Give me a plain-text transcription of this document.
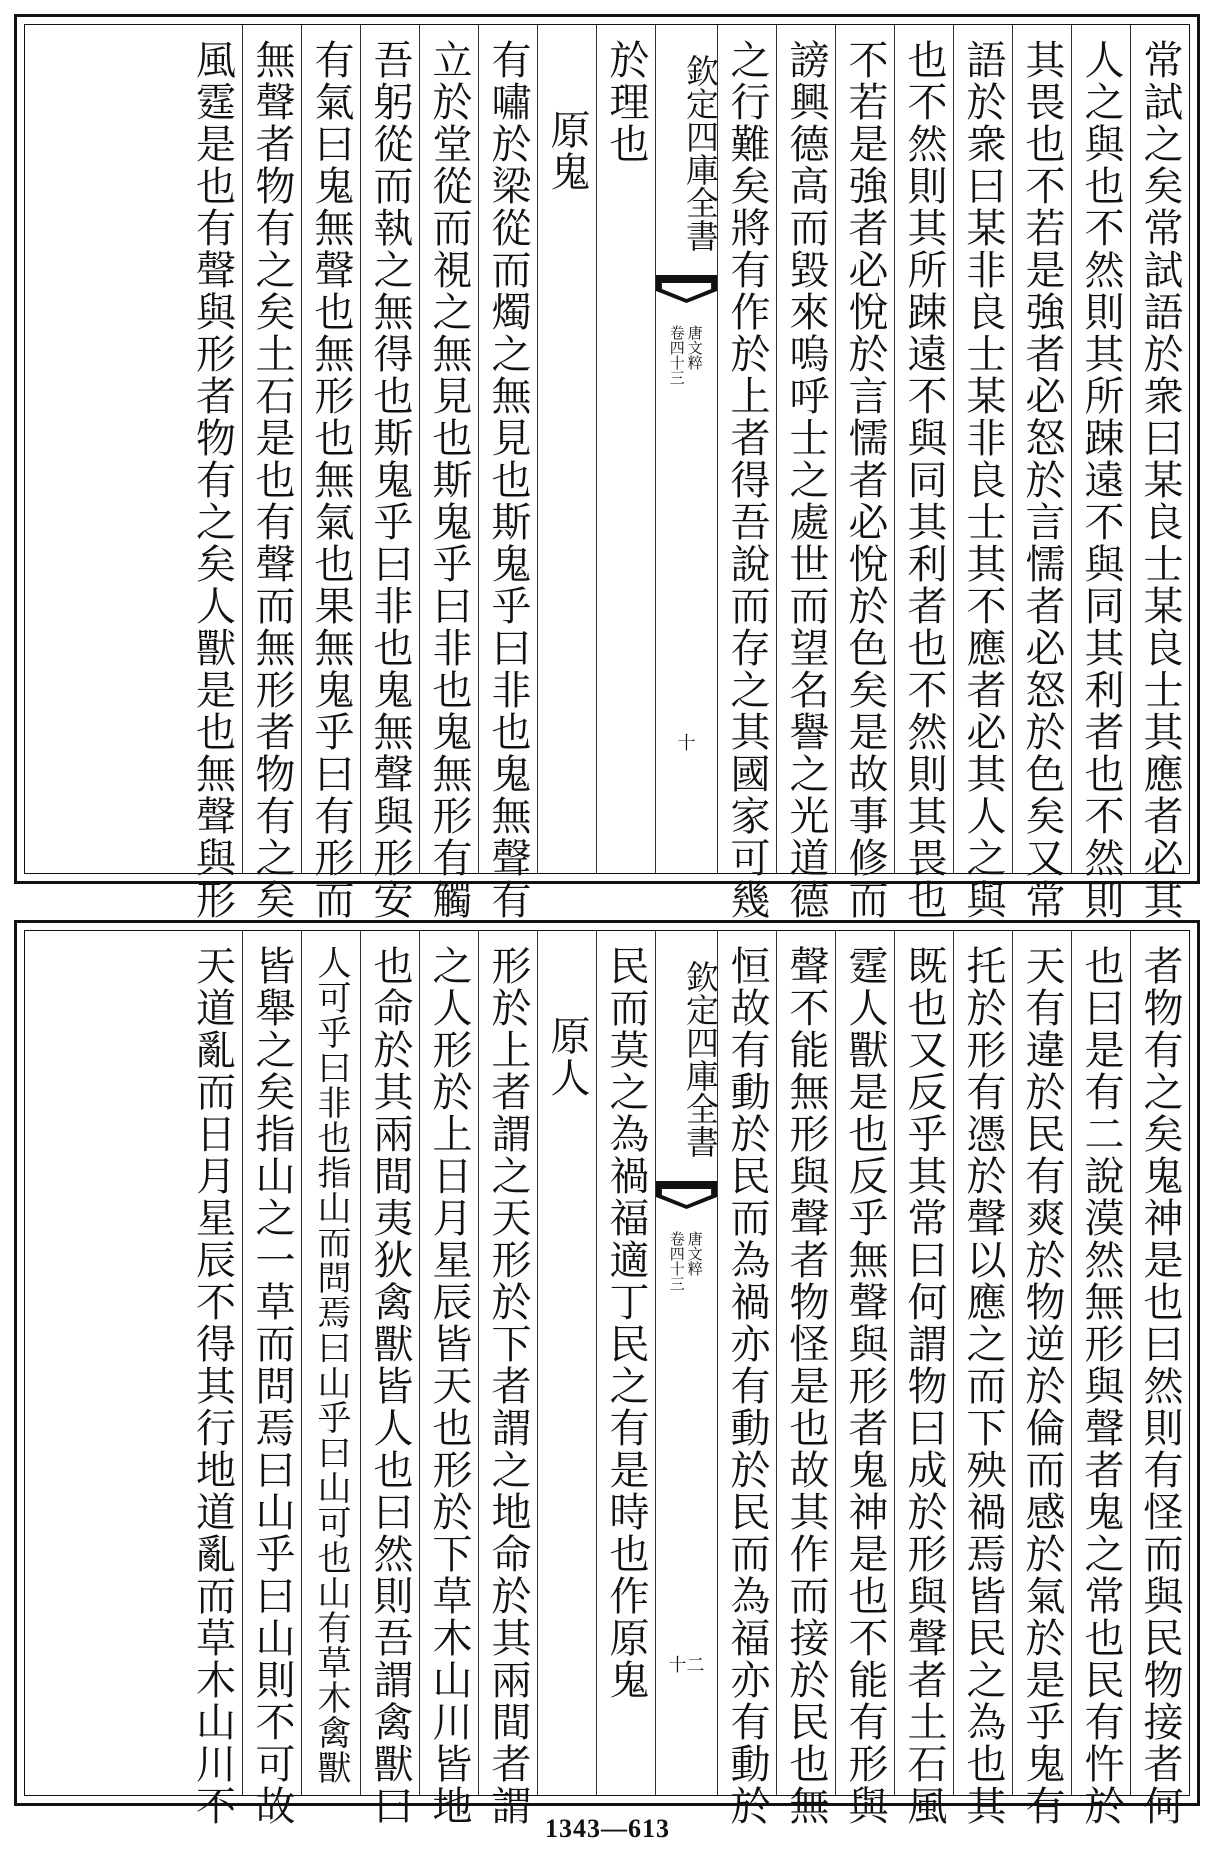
常試之矣常試語於衆曰某良士某良士其應者必其
人之與也不然則其所踈遠不與同其利者也不然則
其畏也不若是強者必怒於言懦者必怒於色矣又常
語於衆曰某非良士某非良士其不應者必其人之與
也不然則其所踈遠不與同其利者也不然則其畏也
不若是強者必悅於言懦者必悅於色矣是故事修而
謗興德高而毀來嗚呼士之處世而望名譽之光道德
之行難矣將有作於上者得吾說而存之其國家可幾
欽定四庫全書
唐文粹
卷四十三
十
於理也
原鬼
有嘯於梁從而燭之無見也斯鬼乎曰非也鬼無聲有
立於堂從而視之無見也斯鬼乎曰非也鬼無形有觸
吾躬從而執之無得也斯鬼乎曰非也鬼無聲與形安
有氣曰鬼無聲也無形也無氣也果無鬼乎曰有形而
無聲者物有之矣土石是也有聲而無形者物有之矣
風霆是也有聲與形者物有之矣人獸是也無聲與形
者物有之矣鬼神是也曰然則有怪而與民物接者何
也曰是有二說漠然無形與聲者鬼之常也民有忤於
天有違於民有爽於物逆於倫而感於氣於是乎鬼有
托於形有憑於聲以應之而下殃禍焉皆民之為也其
既也又反乎其常曰何謂物曰成於形與聲者土石風
霆人獸是也反乎無聲與形者鬼神是也不能有形與
聲不能無形與聲者物怪是也故其作而接於民也無
恒故有動於民而為禍亦有動於民而為福亦有動於
欽定四庫全書
唐文粹
卷四十三
十二
民而莫之為禍福適丁民之有是時也作原鬼
原人
形於上者謂之天形於下者謂之地命於其兩間者謂
之人形於上日月星辰皆天也形於下草木山川皆地
也命於其兩間夷狄禽獸皆人也曰然則吾謂禽獸曰
人可乎曰非也指山而問焉曰山乎曰山可也山有草木禽獸
皆舉之矣指山之一草而問焉曰山乎曰山則不可故
天道亂而日月星辰不得其行地道亂而草木山川不
1343—613
